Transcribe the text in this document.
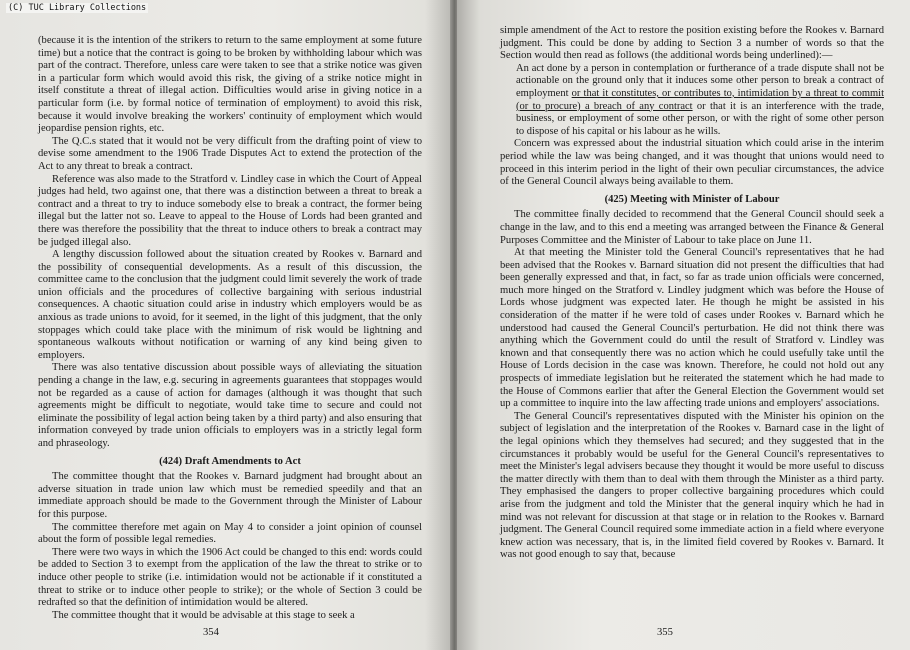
(because it is the intention of the strikers to return to the same employment at some future time) but a notice that the contract is going to be broken by withholding labour which was part of the contract. Therefore, unless care were taken to see that a strike notice was given in a particular form which would avoid this risk, the giving of a strike notice might in itself constitute a threat of illegal action. Difficulties would arise in giving notice in a particular form (i.e. by formal notice of termination of employment) to avoid this risk, because it would involve breaking the workers' continuity of employment which would jeopardise pension rights, etc.

The Q.C.s stated that it would not be very difficult from the drafting point of view to devise some amendment to the 1906 Trade Disputes Act to extend the protection of the Act to any threat to break a contract.

Reference was also made to the Stratford v. Lindley case in which the Court of Appeal judges had held, two against one, that there was a distinction between a threat to break a contract and a threat to try to induce somebody else to break a contract, the former being illegal but the latter not so. Leave to appeal to the House of Lords had been granted and there was therefore the possibility that the threat to induce others to break a contract may be judged illegal also.

A lengthy discussion followed about the situation created by Rookes v. Barnard and the possibility of consequential developments. As a result of this discussion, the committee came to the conclusion that the judgment could limit severely the work of trade union officials and the procedures of collective bargaining with serious industrial consequences. A chaotic situation could arise in industry which employers would be as anxious as trade unions to avoid, for it seemed, in the light of this judgment, that the only stoppages which could take place with the minimum of risk would be lightning and spontaneous walkouts without notification or warning of any kind being given to employers.

There was also tentative discussion about possible ways of alleviating the situation pending a change in the law, e.g. securing in agreements guarantees that stoppages would not be regarded as a cause of action for damages (although it was thought that such agreements might be difficult to negotiate, would take time to secure and could not eliminate the possibility of legal action being taken by a third party) and also ensuring that information conveyed by trade union officials to employers was in a strictly legal form and phraseology.

(424) Draft Amendments to Act

The committee thought that the Rookes v. Barnard judgment had brought about an adverse situation in trade union law which must be remedied speedily and that an immediate approach should be made to the Government through the Minister of Labour for this purpose.

The committee therefore met again on May 4 to consider a joint opinion of counsel about the form of possible legal remedies.

There were two ways in which the 1906 Act could be changed to this end: words could be added to Section 3 to exempt from the application of the law the threat to strike or to induce other people to strike (i.e. intimidation would not be actionable if it constituted a threat to strike or to induce other people to strike); or the whole of Section 3 could be redrafted so that the definition of intimidation would be altered.

The committee thought that it would be advisable at this stage to seek a

354

simple amendment of the Act to restore the position existing before the Rookes v. Barnard judgment. This could be done by adding to Section 3 a number of words so that the Section would then read as follows (the additional words being underlined):—

An act done by a person in contemplation or furtherance of a trade dispute shall not be actionable on the ground only that it induces some other person to break a contract of employment or that it constitutes, or contributes to, intimidation by a threat to commit (or to procure) a breach of any contract or that it is an interference with the trade, business, or employment of some other person, or with the right of some other person to dispose of his capital or his labour as he wills.

Concern was expressed about the industrial situation which could arise in the interim period while the law was being changed, and it was thought that unions would need to proceed in this interim period in the light of their own peculiar circumstances, the advice of the General Council always being available to them.

(425) Meeting with Minister of Labour

The committee finally decided to recommend that the General Council should seek a change in the law, and to this end a meeting was arranged between the Finance & General Purposes Committee and the Minister of Labour to take place on June 11.

At that meeting the Minister told the General Council's representatives that he had been advised that the Rookes v. Barnard situation did not present the difficulties that had been generally expressed and that, in fact, so far as trade union officials were concerned, much more hinged on the Stratford v. Lindley judgment which was before the House of Lords whose judgment was expected later. He though he might be assisted in his consideration of the matter if he were told of cases under Rookes v. Barnard which he understood had caused the General Council's perturbation. He did not think there was anything which the Government could do until the result of Stratford v. Lindley was known and that consequently there was no action which he could usefully take until the House of Lords decision in the case was known. Therefore, he could not hold out any prospects of immediate legislation but he reiterated the statement which he had made to the House of Commons earlier that after the General Election the Government would set up a committee to inquire into the law affecting trade unions and employers' associations.

The General Council's representatives disputed with the Minister his opinion on the subject of legislation and the interpretation of the Rookes v. Barnard case in the light of the legal opinions which they themselves had secured; and they suggested that in the circumstances it probably would be useful for the General Council's representatives to meet the Minister's legal advisers because they thought it would be more useful to discuss the matter directly with them than to deal with them through the Minister as a third party. They emphasised the dangers to proper collective bargaining procedures which could arise from the judgment and told the Minister that the general inquiry which he had in mind was not relevant for discussion at that stage or in relation to the Rookes v. Barnard judgment. The General Council required some immediate action in a field where everyone knew action was necessary, that is, in the limited field covered by Rookes v. Barnard. It was not good enough to say that, because

355
(C) TUC Library Collections
